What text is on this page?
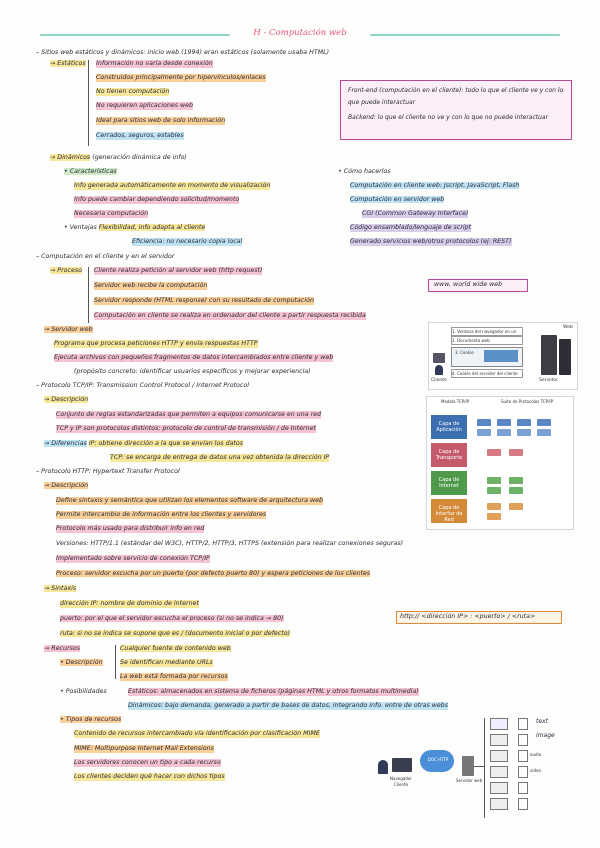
H - Computación web
– Sitios web estáticos y dinámicos: inicio web (1994) eran estáticos (solamente usaba HTML)
→ Estáticos Información no varía desde conexión
Construidos principalmente por hipervínculos/enlaces
No tienen computación
No requieren aplicaciones web
Ideal para sitios web de solo información
Cerrados, seguros, estables
Front-end (computación en el cliente): todo lo que el cliente ve y con lo que puede interactuar
Backend: lo que el cliente no ve y con lo que no puede interactuar
→ Dinámicos (generación dinámica de info)
• Características	• Cómo hacerlos
Info generada automáticamente en momento de visualización	Computación en cliente web: Jscript, JavaScript, Flash
Info puede cambiar dependiendo solicitud/momento	Computación en servidor web
Necesaria computación	CGI (Common Gateway Interface)
• Ventajas Flexibilidad, info adapta al cliente	Código ensamblado/lenguaje de script
Eficiencia: no necesario copia local	Generado servicios web/otros protocolos (ej: REST)
– Computación en el cliente y en el servidor
→ Proceso Cliente realiza petición al servidor web (http request)
Servidor web recibe la computación
Servidor responde (HTML response) con su resultado de computación
Computación en cliente se realiza en ordenador del cliente a partir respuesta recibida
www, world wide web
→ Servidor web
Programa que procesa peticiones HTTP y envía respuestas HTTP
Ejecuta archivos con pequeños fragmentos de datos intercambiados entre cliente y web
(propósito concreto: identificar usuarios específicos y mejorar experiencia)
1. Ventana del navegador en un
2. Documento web
3. Cookie
4. Cookie del servidor del cliente
Cliente	Servidor
Web
– Protocolo TCP/IP: Transmission Control Protocol / Internet Protocol
→ Descripción
Conjunto de reglas estandarizadas que permiten a equipos comunicarse en una red
TCP y IP son protocolos distintos; protocolo de control de transmisión / de Internet
→ Diferencias IP: obtiene dirección a la que se envían los datos
TCP: se encarga de entrega de datos una vez obtenida la dirección IP
Modelo TCP/IP	Suite de Protocolos TCP/IP
Capa de Aplicación
Capa de Transporte
Capa de Internet
Capa de Interfaz de Red
– Protocolo HTTP: Hypertext Transfer Protocol
→ Descripción
Define sintaxis y semántica que utilizan los elementos software de arquitectura web
Permite intercambio de información entre los clientes y servidores
Protocolo más usado para distribuir info en red
Versiones: HTTP/1.1 (estándar del W3C), HTTP/2, HTTP/3, HTTPS (extensión para realizar conexiones seguras)
Implementado sobre servicio de conexión TCP/IP
Proceso: servidor escucha por un puerto (por defecto puerto 80) y espera peticiones de los clientes
→ Sintaxis
dirección IP: nombre de dominio de internet
puerto: por el que el servidor escucha el proceso (si no se indica → 80)
ruta: si no se indica se supone que es / (documento inicial o por defecto)
http:// <dirección IP> : <puerto> / <ruta>
→ Recursos	Cualquier fuente de contenido web
• Descripción	Se identifican mediante URLs
La web está formada por recursos
• Posibilidades	Estáticos: almacenados en sistema de ficheros (páginas HTML y otros formatos multimedia)
Dinámicos: bajo demanda, generado a partir de bases de datos, integrando info. entre de otras webs
• Tipos de recursos
Contenido de recursos intercambiado vía identificación por clasificación MIME
MIME: Multipurpose Internet Mail Extensions
Los servidores conocen un tipo a cada recurso
Los clientes deciden qué hacer con dichos tipos	Navegador
Cliente
DOC HTTP
Servidor web
text
image
audio
video
